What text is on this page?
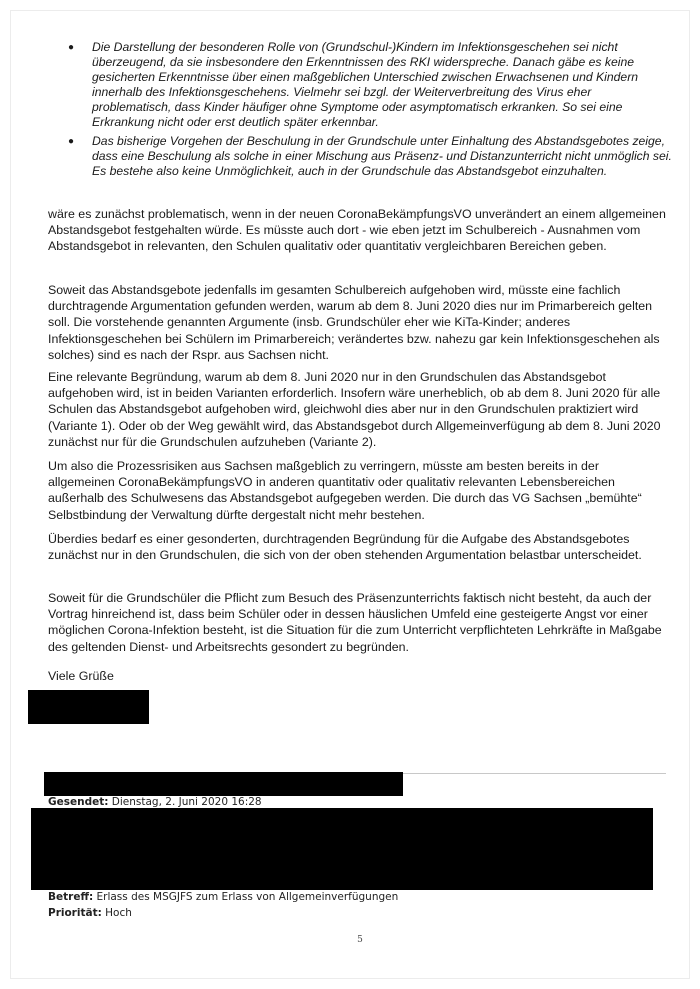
● Die Darstellung der besonderen Rolle von (Grundschul-)Kindern im Infektionsgeschehen sei nicht überzeugend, da sie insbesondere den Erkenntnissen des RKI widerspreche. Danach gäbe es keine gesicherten Erkenntnisse über einen maßgeblichen Unterschied zwischen Erwachsenen und Kindern innerhalb des Infektionsgeschehens. Vielmehr sei bzgl. der Weiterverbreitung des Virus eher problematisch, dass Kinder häufiger ohne Symptome oder asymptomatisch erkranken. So sei eine Erkrankung nicht oder erst deutlich später erkennbar.
● Das bisherige Vorgehen der Beschulung in der Grundschule unter Einhaltung des Abstandsgebotes zeige, dass eine Beschulung als solche in einer Mischung aus Präsenz- und Distanzunterricht nicht unmöglich sei. Es bestehe also keine Unmöglichkeit, auch in der Grundschule das Abstandsgebot einzuhalten.

wäre es zunächst problematisch, wenn in der neuen CoronaBekämpfungsVO unverändert an einem allgemeinen Abstandsgebot festgehalten würde. Es müsste auch dort - wie eben jetzt im Schulbereich - Ausnahmen vom Abstandsgebot in relevanten, den Schulen qualitativ oder quantitativ vergleichbaren Bereichen geben.

Soweit das Abstandsgebote jedenfalls im gesamten Schulbereich aufgehoben wird, müsste eine fachlich durchtragende Argumentation gefunden werden, warum ab dem 8. Juni 2020 dies nur im Primarbereich gelten soll. Die vorstehende genannten Argumente (insb. Grundschüler eher wie KiTa-Kinder; anderes Infektionsgeschehen bei Schülern im Primarbereich; verändertes bzw. nahezu gar kein Infektionsgeschehen als solches) sind es nach der Rspr. aus Sachsen nicht.

Eine relevante Begründung, warum ab dem 8. Juni 2020 nur in den Grundschulen das Abstandsgebot aufgehoben wird, ist in beiden Varianten erforderlich. Insofern wäre unerheblich, ob ab dem 8. Juni 2020 für alle Schulen das Abstandsgebot aufgehoben wird, gleichwohl dies aber nur in den Grundschulen praktiziert wird (Variante 1). Oder ob der Weg gewählt wird, das Abstandsgebot durch Allgemeinverfügung ab dem 8. Juni 2020 zunächst nur für die Grundschulen aufzuheben (Variante 2).

Um also die Prozessrisiken aus Sachsen maßgeblich zu verringern, müsste am besten bereits in der allgemeinen CoronaBekämpfungsVO in anderen quantitativ oder qualitativ relevanten Lebensbereichen außerhalb des Schulwesens das Abstandsgebot aufgegeben werden. Die durch das VG Sachsen „bemühte“ Selbstbindung der Verwaltung dürfte dergestalt nicht mehr bestehen.

Überdies bedarf es einer gesonderten, durchtragenden Begründung für die Aufgabe des Abstandsgebotes zunächst nur in den Grundschulen, die sich von der oben stehenden Argumentation belastbar unterscheidet.

Soweit für die Grundschüler die Pflicht zum Besuch des Präsenzunterrichts faktisch nicht besteht, da auch der Vortrag hinreichend ist, dass beim Schüler oder in dessen häuslichen Umfeld eine gesteigerte Angst vor einer möglichen Corona-Infektion besteht, ist die Situation für die zum Unterricht verpflichteten Lehrkräfte in Maßgabe des geltenden Dienst- und Arbeitsrechts gesondert zu begründen.

Viele Grüße

Gesendet: Dienstag, 2. Juni 2020 16:28
Betreff: Erlass des MSGJFS zum Erlass von Allgemeinverfügungen
Priorität: Hoch
5
